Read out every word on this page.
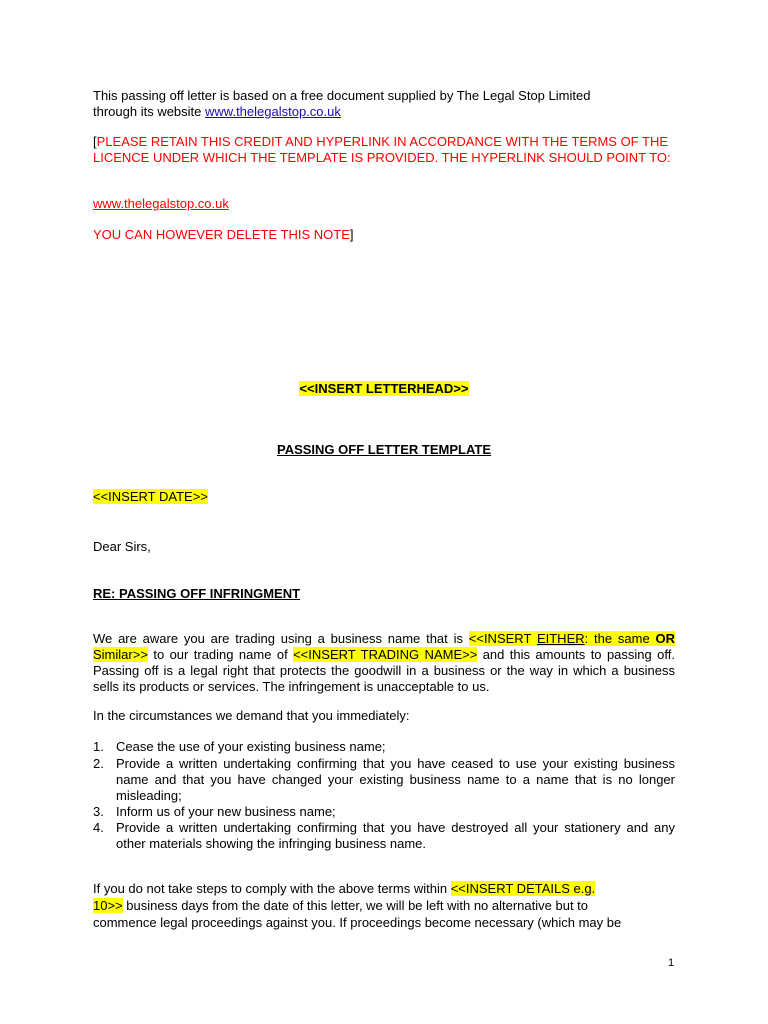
This passing off letter is based on a free document supplied by The Legal Stop Limited
through its website www.thelegalstop.co.uk

[PLEASE RETAIN THIS CREDIT AND HYPERLINK IN ACCORDANCE WITH THE TERMS OF THE LICENCE UNDER WHICH THE TEMPLATE IS PROVIDED. THE HYPERLINK SHOULD POINT TO:

www.thelegalstop.co.uk

YOU CAN HOWEVER DELETE THIS NOTE]

<<INSERT LETTERHEAD>>

PASSING OFF LETTER TEMPLATE

<<INSERT DATE>>

Dear Sirs,

RE: PASSING OFF INFRINGMENT

We are aware you are trading using a business name that is <<INSERT EITHER: the same OR Similar>> to our trading name of <<INSERT TRADING NAME>> and this amounts to passing off. Passing off is a legal right that protects the goodwill in a business or the way in which a business sells its products or services. The infringement is unacceptable to us.

In the circumstances we demand that you immediately:

1. Cease the use of your existing business name;
2. Provide a written undertaking confirming that you have ceased to use your existing business name and that you have changed your existing business name to a name that is no longer misleading;
3. Inform us of your new business name;
4. Provide a written undertaking confirming that you have destroyed all your stationery and any other materials showing the infringing business name.

If you do not take steps to comply with the above terms within <<INSERT DETAILS e.g.
10>> business days from the date of this letter, we will be left with no alternative but to
commence legal proceedings against you. If proceedings become necessary (which may be

1
